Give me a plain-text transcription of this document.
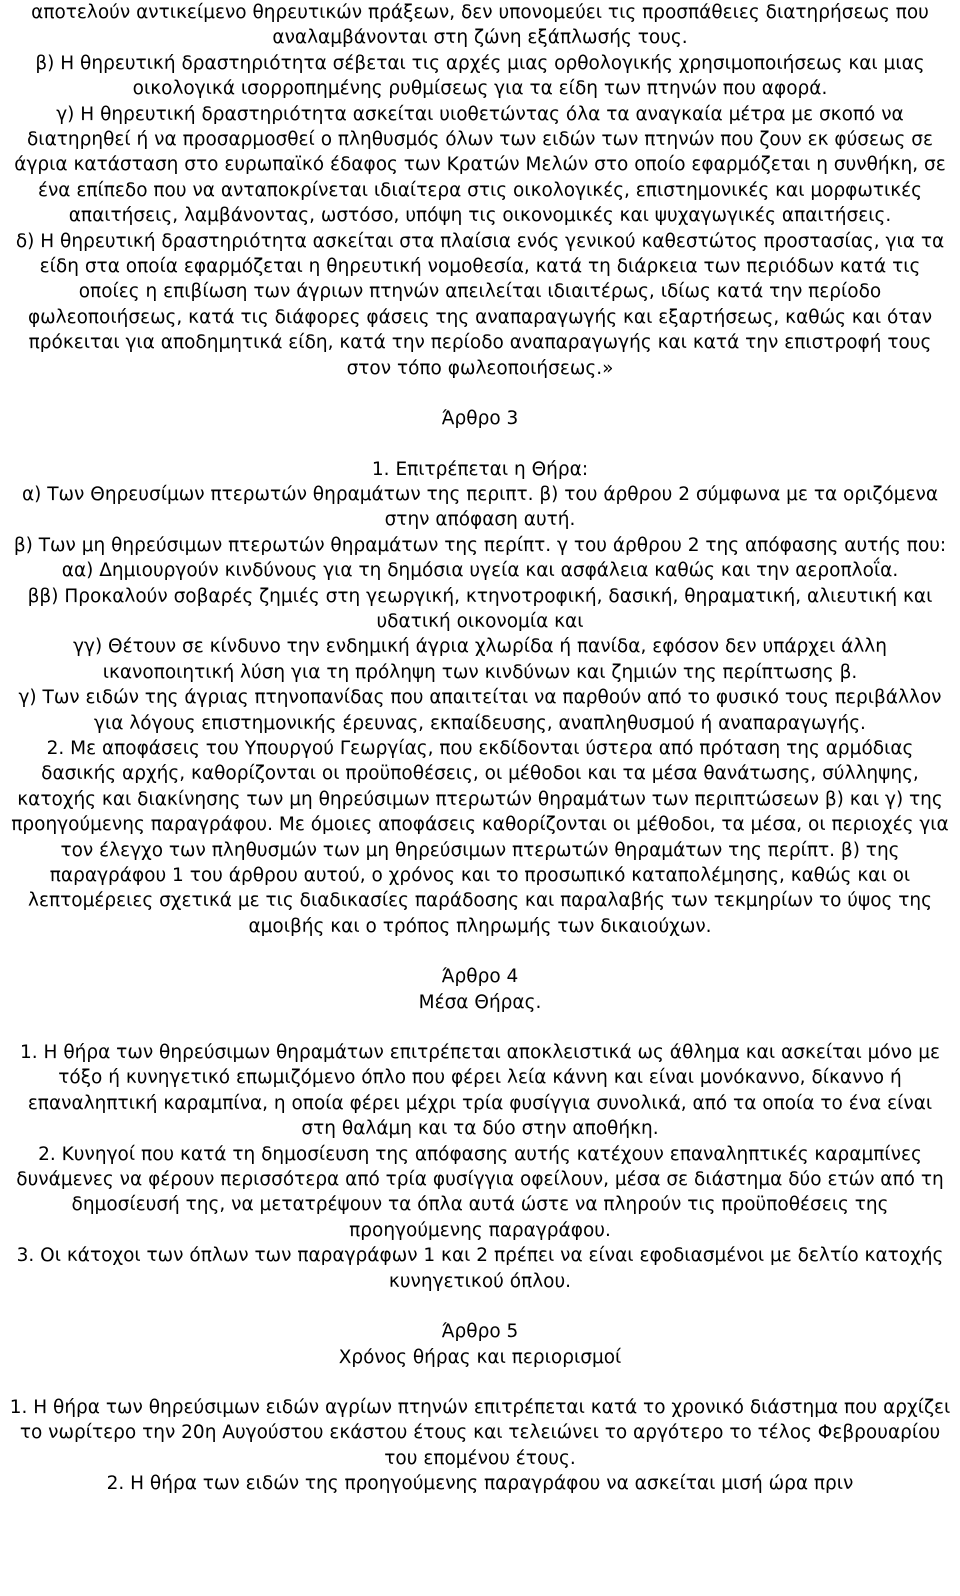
αποτελούν αντικείμενο θηρευτικών πράξεων, δεν υπονομεύει τις προσπάθειες διατηρήσεως που αναλαμβάνονται στη ζώνη εξάπλωσής τους.

β) Η θηρευτική δραστηριότητα σέβεται τις αρχές μιας ορθολογικής χρησιμοποιήσεως και μιας οικολογικά ισορροπημένης ρυθμίσεως για τα είδη των πτηνών που αφορά.

γ) Η θηρευτική δραστηριότητα ασκείται υιοθετώντας όλα τα αναγκαία μέτρα με σκοπό να διατηρηθεί ή να προσαρμοσθεί ο πληθυσμός όλων των ειδών των πτηνών που ζουν εκ φύσεως σε άγρια κατάσταση στο ευρωπαϊκό έδαφος των Κρατών Μελών στο οποίο εφαρμόζεται η συνθήκη, σε ένα επίπεδο που να ανταποκρίνεται ιδιαίτερα στις οικολογικές, επιστημονικές και μορφωτικές απαιτήσεις, λαμβάνοντας, ωστόσο, υπόψη τις οικονομικές και ψυχαγωγικές απαιτήσεις.

δ) Η θηρευτική δραστηριότητα ασκείται στα πλαίσια ενός γενικού καθεστώτος προστασίας, για τα είδη στα οποία εφαρμόζεται η θηρευτική νομοθεσία, κατά τη διάρκεια των περιόδων κατά τις οποίες η επιβίωση των άγριων πτηνών απειλείται ιδιαιτέρως, ιδίως κατά την περίοδο φωλεοποιήσεως, κατά τις διάφορες φάσεις της αναπαραγωγής και εξαρτήσεως, καθώς και όταν πρόκειται για αποδημητικά είδη, κατά την περίοδο αναπαραγωγής και κατά την επιστροφή τους στον τόπο φωλεοποιήσεως.»

Άρθρο 3

1. Επιτρέπεται η Θήρα:

α) Των Θηρευσίμων πτερωτών θηραμάτων της περιπτ. β) του άρθρου 2 σύμφωνα με τα οριζόμενα στην απόφαση αυτή.

β) Των μη θηρεύσιμων πτερωτών θηραμάτων της περίπτ. γ του άρθρου 2 της απόφασης αυτής που:

αα) Δημιουργούν κινδύνους για τη δημόσια υγεία και ασφάλεια καθώς και την αεροπλοΐα.

ββ) Προκαλούν σοβαρές ζημιές στη γεωργική, κτηνοτροφική, δασική, θηραματική, αλιευτική και υδατική οικονομία και

γγ) Θέτουν σε κίνδυνο την ενδημική άγρια χλωρίδα ή πανίδα, εφόσον δεν υπάρχει άλλη ικανοποιητική λύση για τη πρόληψη των κινδύνων και ζημιών της περίπτωσης β.

γ) Των ειδών της άγριας πτηνοπανίδας που απαιτείται να παρθούν από το φυσικό τους περιβάλλον για λόγους επιστημονικής έρευνας, εκπαίδευσης, αναπληθυσμού ή αναπαραγωγής.

2. Με αποφάσεις του Υπουργού Γεωργίας, που εκδίδονται ύστερα από πρόταση της αρμόδιας δασικής αρχής, καθορίζονται οι προϋποθέσεις, οι μέθοδοι και τα μέσα θανάτωσης, σύλληψης, κατοχής και διακίνησης των μη θηρεύσιμων πτερωτών θηραμάτων των περιπτώσεων β) και γ) της προηγούμενης παραγράφου. Με όμοιες αποφάσεις καθορίζονται οι μέθοδοι, τα μέσα, οι περιοχές για τον έλεγχο των πληθυσμών των μη θηρεύσιμων πτερωτών θηραμάτων της περίπτ. β) της παραγράφου 1 του άρθρου αυτού, ο χρόνος και το προσωπικό καταπολέμησης, καθώς και οι λεπτομέρειες σχετικά με τις διαδικασίες παράδοσης και παραλαβής των τεκμηρίων το ύψος της αμοιβής και ο τρόπος πληρωμής των δικαιούχων.

Άρθρο 4

Μέσα Θήρας.

1. Η θήρα των θηρεύσιμων θηραμάτων επιτρέπεται αποκλειστικά ως άθλημα και ασκείται μόνο με τόξο ή κυνηγετικό επωμιζόμενο όπλο που φέρει λεία κάννη και είναι μονόκαννο, δίκαννο ή επαναληπτική καραμπίνα, η οποία φέρει μέχρι τρία φυσίγγια συνολικά, από τα οποία το ένα είναι στη θαλάμη και τα δύο στην αποθήκη.

2. Κυνηγοί που κατά τη δημοσίευση της απόφασης αυτής κατέχουν επαναληπτικές καραμπίνες δυνάμενες να φέρουν περισσότερα από τρία φυσίγγια οφείλουν, μέσα σε διάστημα δύο ετών από τη δημοσίευσή της, να μετατρέψουν τα όπλα αυτά ώστε να πληρούν τις προϋποθέσεις της προηγούμενης παραγράφου.

3. Οι κάτοχοι των όπλων των παραγράφων 1 και 2 πρέπει να είναι εφοδιασμένοι με δελτίο κατοχής κυνηγετικού όπλου.

Άρθρο 5

Χρόνος θήρας και περιορισμοί

1. Η θήρα των θηρεύσιμων ειδών αγρίων πτηνών επιτρέπεται κατά το χρονικό διάστημα που αρχίζει το νωρίτερο την 20η Αυγούστου εκάστου έτους και τελειώνει το αργότερο το τέλος Φεβρουαρίου του επομένου έτους.

2. Η θήρα των ειδών της προηγούμενης παραγράφου να ασκείται μισή ώρα πριν
